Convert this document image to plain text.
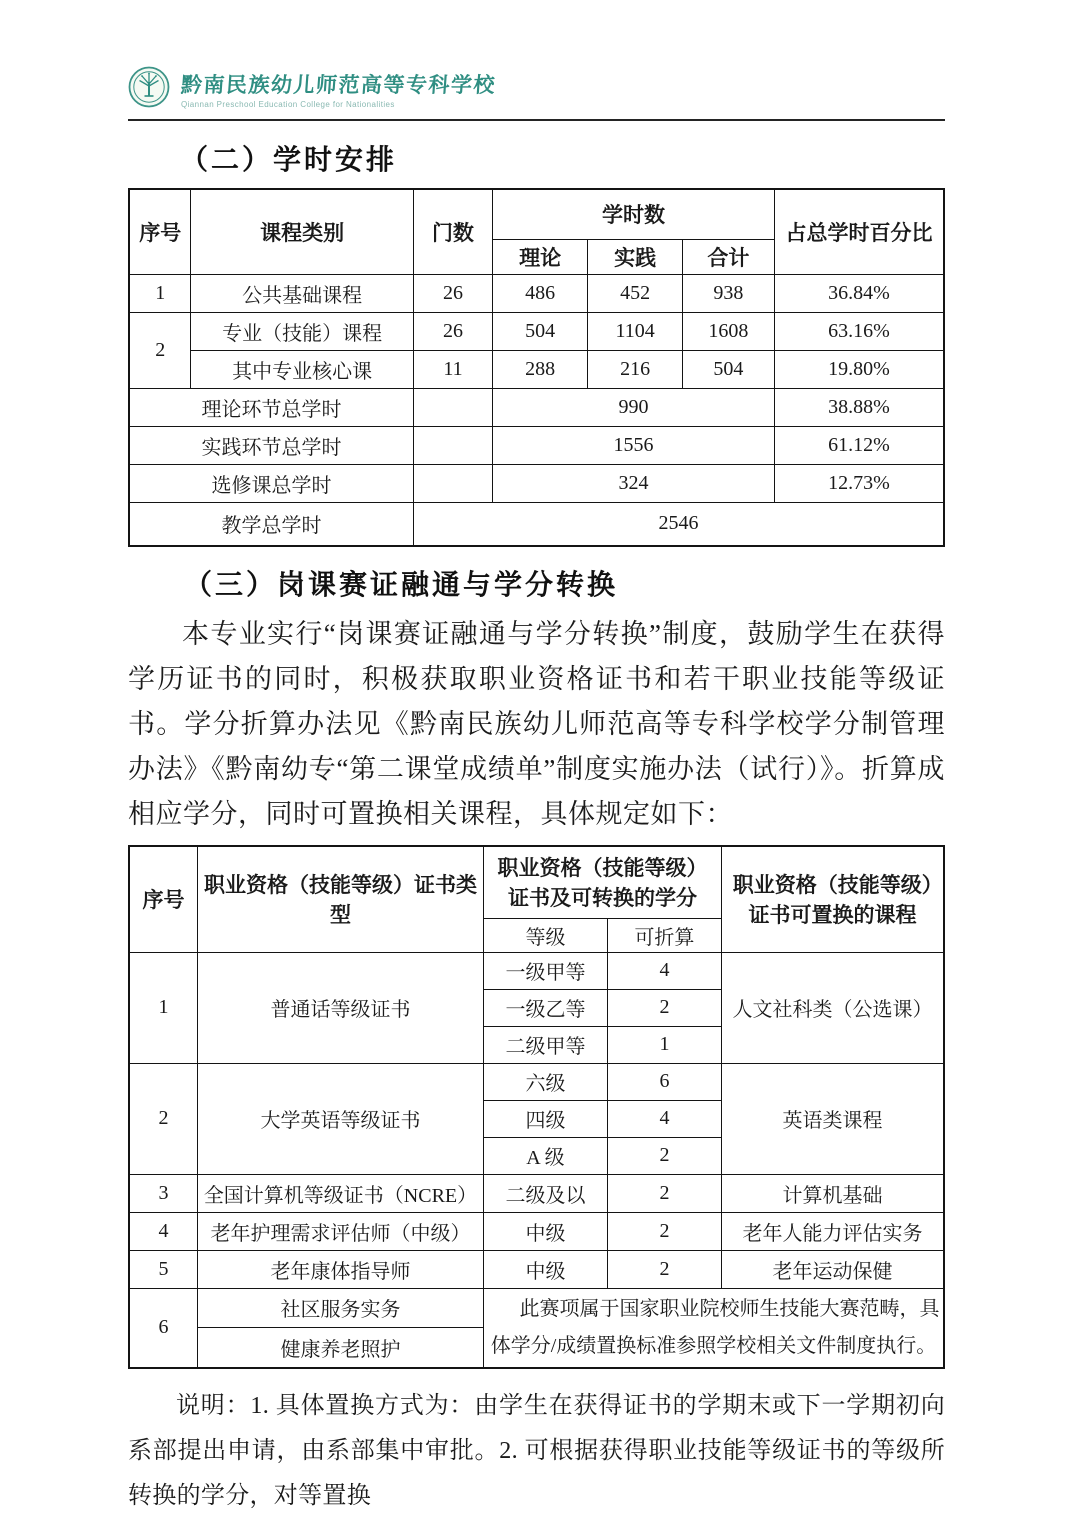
黔南民族幼儿师范高等专科学校
Qiannan Preschool Education College for Nationalities
（二）学时安排
序号	课程类别	门数	学时数			占总学时百分比
			理论	实践	合计	
1	公共基础课程	26	486	452	938	36.84%
2	专业（技能）课程	26	504	1104	1608	63.16%
	其中专业核心课	11	288	216	504	19.80%
理论环节总学时			990			38.88%
实践环节总学时			1556			61.12%
选修课总学时			324			12.73%
教学总学时		2546				
（三）岗课赛证融通与学分转换

本专业实行“岗课赛证融通与学分转换”制度，鼓励学生在获得学历证书的同时，积极获取职业资格证书和若干职业技能等级证书。学分折算办法见《黔南民族幼儿师范高等专科学校学分制管理办法》《黔南幼专“第二课堂成绩单”制度实施办法（试行）》。折算成相应学分，同时可置换相关课程，具体规定如下：

序号	职业资格（技能等级）证书类型	职业资格（技能等级）证书及可转换的学分		职业资格（技能等级）证书可置换的课程
		等级	可折算	
1	普通话等级证书	一级甲等	4	人文社科类（公选课）
		一级乙等	2	
		二级甲等	1	
2	大学英语等级证书	六级	6	英语类课程
		四级	4	
		A 级	2	
3	全国计算机等级证书（NCRE）	二级及以	2	计算机基础
4	老年护理需求评估师（中级）	中级	2	老年人能力评估实务
5	老年康体指导师	中级	2	老年运动保健
6	社区服务实务	此赛项属于国家职业院校师生技能大赛范畴，具体学分/成绩置换标准参照学校相关文件制度执行。		
	健康养老照护			

说明：1. 具体置换方式为：由学生在获得证书的学期末或下一学期初向系部提出申请，由系部集中审批。2. 可根据获得职业技能等级证书的等级所转换的学分，对等置换
